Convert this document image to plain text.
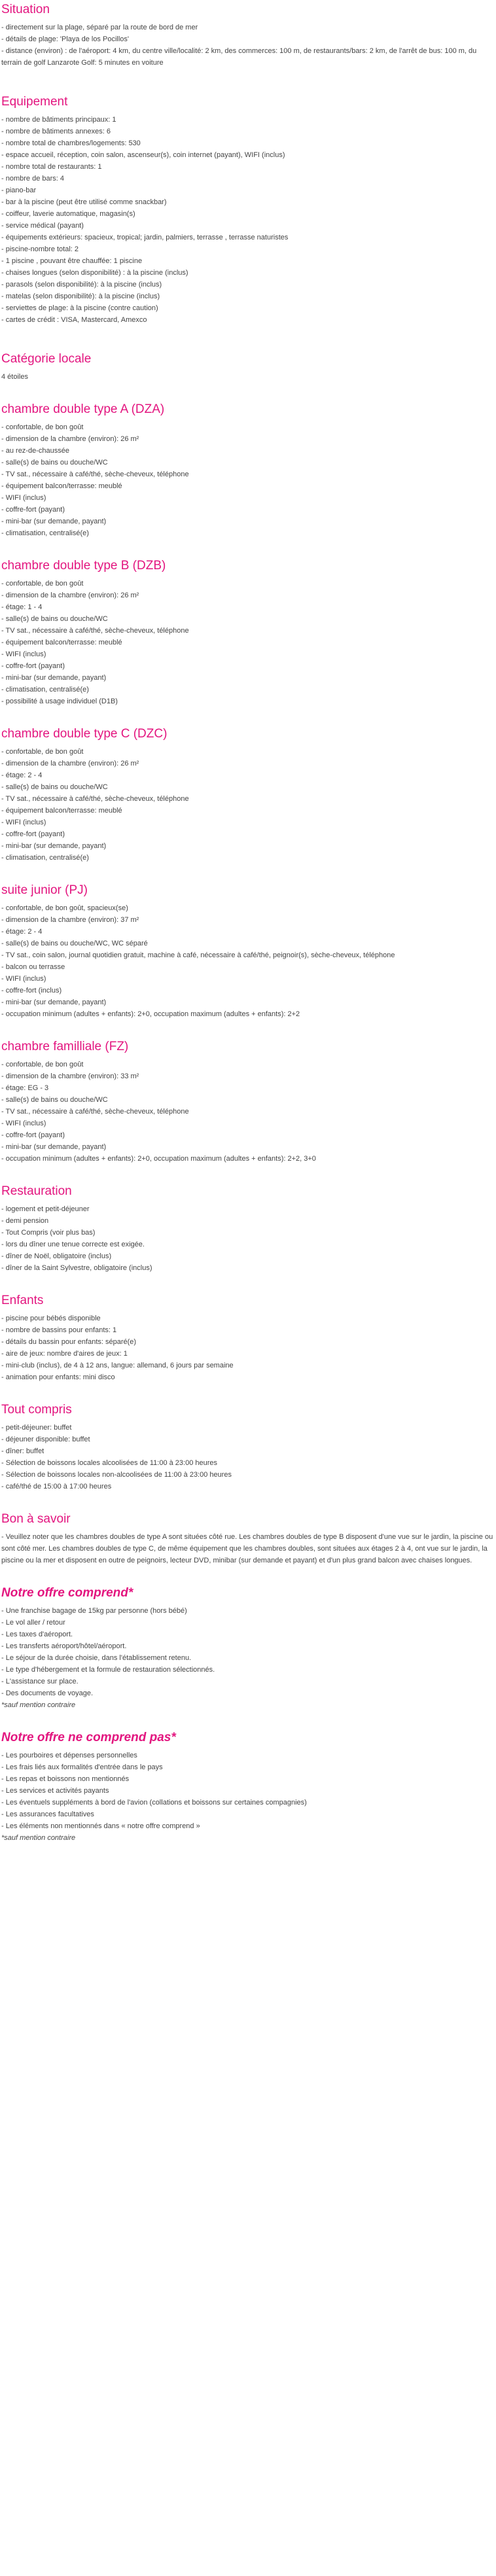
Situation
- directement sur la plage, séparé par la route de bord de mer
- détails de plage: 'Playa de los Pocillos'
- distance (environ) : de l'aéroport: 4 km, du centre ville/localité: 2 km, des commerces: 100 m, de restaurants/bars: 2 km, de l'arrêt de bus: 100 m, du terrain de golf Lanzarote Golf: 5 minutes en voiture
Equipement
- nombre de bâtiments principaux: 1
- nombre de bâtiments annexes: 6
- nombre total de chambres/logements: 530
- espace accueil, réception, coin salon, ascenseur(s), coin internet (payant), WIFI (inclus)
- nombre total de restaurants: 1
- nombre de bars: 4
- piano-bar
- bar à la piscine (peut être utilisé comme snackbar)
- coiffeur, laverie automatique, magasin(s)
- service médical (payant)
- équipements extérieurs: spacieux, tropical; jardin, palmiers, terrasse , terrasse naturistes
- piscine-nombre total: 2
- 1 piscine , pouvant être chauffée: 1 piscine
- chaises longues (selon disponibilité) : à la piscine (inclus)
- parasols (selon disponibilité): à la piscine (inclus)
- matelas (selon disponibilité): à la piscine (inclus)
- serviettes de plage: à la piscine (contre caution)
- cartes de crédit : VISA, Mastercard, Amexco
Catégorie locale

4 étoiles

chambre double type A (DZA)
- confortable, de bon goût
- dimension de la chambre (environ): 26 m²
- au rez-de-chaussée
- salle(s) de bains ou douche/WC
- TV sat., nécessaire à café/thé, sèche-cheveux, téléphone
- équipement balcon/terrasse: meublé
- WIFI (inclus)
- coffre-fort (payant)
- mini-bar (sur demande, payant)
- climatisation, centralisé(e)
chambre double type B (DZB)
- confortable, de bon goût
- dimension de la chambre (environ): 26 m²
- étage: 1 - 4
- salle(s) de bains ou douche/WC
- TV sat., nécessaire à café/thé, sèche-cheveux, téléphone
- équipement balcon/terrasse: meublé
- WIFI (inclus)
- coffre-fort (payant)
- mini-bar (sur demande, payant)
- climatisation, centralisé(e)
- possibilité à usage individuel (D1B)
chambre double type C (DZC)
- confortable, de bon goût
- dimension de la chambre (environ): 26 m²
- étage: 2 - 4
- salle(s) de bains ou douche/WC
- TV sat., nécessaire à café/thé, sèche-cheveux, téléphone
- équipement balcon/terrasse: meublé
- WIFI (inclus)
- coffre-fort (payant)
- mini-bar (sur demande, payant)
- climatisation, centralisé(e)
suite junior (PJ)
- confortable, de bon goût, spacieux(se)
- dimension de la chambre (environ): 37 m²
- étage: 2 - 4
- salle(s) de bains ou douche/WC, WC séparé
- TV sat., coin salon, journal quotidien gratuit, machine à café, nécessaire à café/thé, peignoir(s), sèche-cheveux, téléphone
- balcon ou terrasse
- WIFI (inclus)
- coffre-fort (inclus)
- mini-bar (sur demande, payant)
- occupation minimum (adultes + enfants): 2+0, occupation maximum (adultes + enfants): 2+2
chambre familliale (FZ)
- confortable, de bon goût
- dimension de la chambre (environ): 33 m²
- étage: EG - 3
- salle(s) de bains ou douche/WC
- TV sat., nécessaire à café/thé, sèche-cheveux, téléphone
- WIFI (inclus)
- coffre-fort (payant)
- mini-bar (sur demande, payant)
- occupation minimum (adultes + enfants): 2+0, occupation maximum (adultes + enfants): 2+2, 3+0
Restauration
- logement et petit-déjeuner
- demi pension
- Tout Compris (voir plus bas)
- lors du dîner une tenue correcte est exigée.
- dîner de Noël, obligatoire (inclus)
- dîner de la Saint Sylvestre, obligatoire (inclus)
Enfants
- piscine pour bébés disponible
- nombre de bassins pour enfants: 1
- détails du bassin pour enfants: séparé(e)
- aire de jeux: nombre d'aires de jeux: 1
- mini-club (inclus), de 4 à 12 ans, langue: allemand, 6 jours par semaine
- animation pour enfants: mini disco
Tout compris
- petit-déjeuner: buffet
- déjeuner disponible: buffet
- dîner: buffet
- Sélection de boissons locales alcoolisées de 11:00 à 23:00 heures
- Sélection de boissons locales non-alcoolisées de 11:00 à 23:00 heures
- café/thé de 15:00 à 17:00 heures
Bon à savoir
- Veuillez noter que les chambres doubles de type A sont situées côté rue. Les chambres doubles de type B disposent d'une vue sur le jardin, la piscine ou sont côté mer. Les chambres doubles de type C, de même équipement que les chambres doubles, sont situées aux étages 2 à 4, ont vue sur le jardin, la piscine ou la mer et disposent en outre de peignoirs, lecteur DVD, minibar (sur demande et payant) et d'un plus grand balcon avec chaises longues.
Notre offre comprend*
- Une franchise bagage de 15kg par personne (hors bébé)
- Le vol aller / retour
- Les taxes d'aéroport.
- Les transferts aéroport/hôtel/aéroport.
- Le séjour de la durée choisie, dans l'établissement retenu.
- Le type d'hébergement et la formule de restauration sélectionnés.
- L'assistance sur place.
- Des documents de voyage.
*sauf mention contraire
Notre offre ne comprend pas*
- Les pourboires et dépenses personnelles
- Les frais liés aux formalités d'entrée dans le pays
- Les repas et boissons non mentionnés
- Les services et activités payants
- Les éventuels suppléments à bord de l'avion (collations et boissons sur certaines compagnies)
- Les assurances facultatives
- Les éléments non mentionnés dans « notre offre comprend »
*sauf mention contraire
